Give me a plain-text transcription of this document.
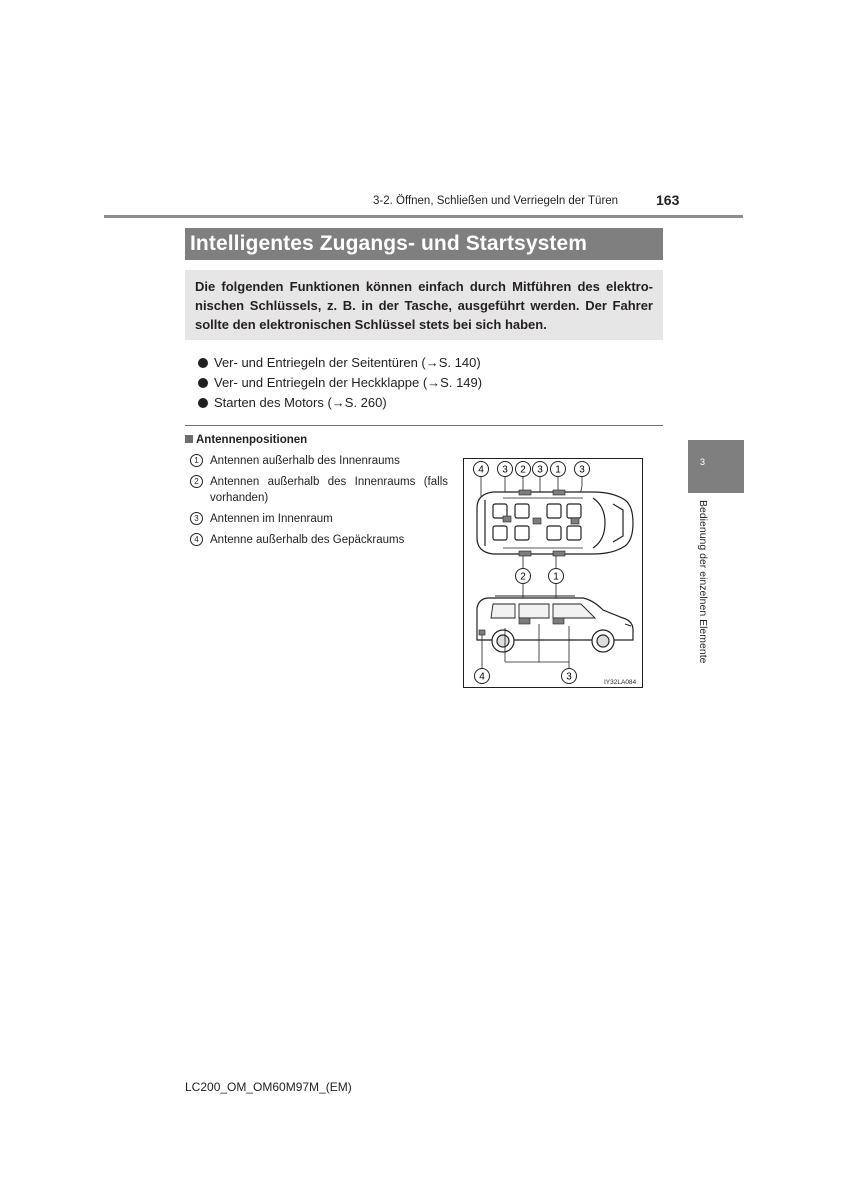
3-2. Öffnen, Schließen und Verriegeln der Türen	163
Intelligentes Zugangs- und Startsystem
Die folgenden Funktionen können einfach durch Mitführen des elektro-
nischen Schlüssels, z. B. in der Tasche, ausgeführt werden. Der Fahrer
sollte den elektronischen Schlüssel stets bei sich haben.
Ver- und Entriegeln der Seitentüren (→S. 140)
Ver- und Entriegeln der Heckklappe (→S. 149)
Starten des Motors (→S. 260)
Antennenpositionen
1 Antennen außerhalb des Innenraums
2 Antennen außerhalb des Innenraums (falls
vorhanden)
3 Antennen im Innenraum
4 Antenne außerhalb des Gepäckraums
4 3 2 3 1 3
2	1
4	3	IY32LA084
3
Bedienung der einzelnen Elemente
LC200_OM_OM60M97M_(EM)
